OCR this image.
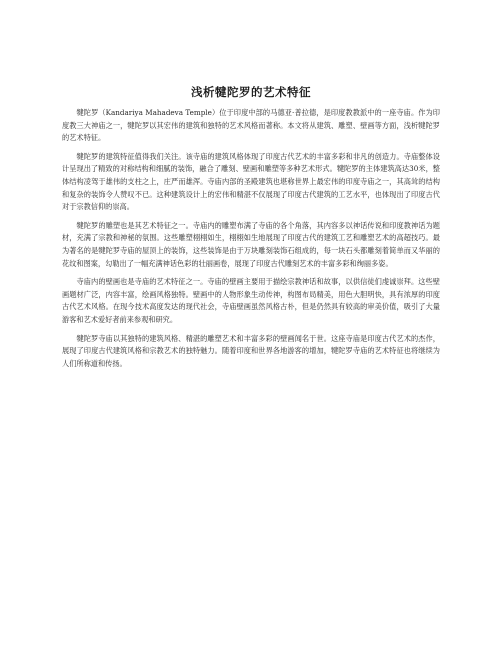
浅析犍陀罗的艺术特征

犍陀罗（Kandariya Mahadeva Temple）位于印度中部的马德亚·普拉德，是印度教教派中的一座寺庙。作为印度教三大神庙之一，犍陀罗以其宏伟的建筑和独特的艺术风格而著称。本文将从建筑、雕塑、壁画等方面，浅析犍陀罗的艺术特征。

犍陀罗的建筑特征值得我们关注。该寺庙的建筑风格体现了印度古代艺术的丰富多彩和非凡的创造力。寺庙整体设计呈现出了精致的对称结构和细腻的装饰，融合了雕刻、壁画和雕塑等多种艺术形式。犍陀罗的主体建筑高达30米，整体结构凌驾于雄伟的支柱之上，庄严而雄浑。寺庙内部的圣殿建筑也堪称世界上最宏伟的印度寺庙之一，其高耸的结构和复杂的装饰令人赞叹不已。这种建筑设计上的宏伟和精湛不仅展现了印度古代建筑的工艺水平，也体现出了印度古代对于宗教信仰的崇高。

犍陀罗的雕塑也是其艺术特征之一。寺庙内的雕塑布满了寺庙的各个角落，其内容多以神话传说和印度教神话为题材，充满了宗教和神秘的氛围。这些雕塑栩栩如生，栩栩如生地展现了印度古代的建筑工艺和雕塑艺术的高超技巧。最为著名的是犍陀罗寺庙的屋顶上的装饰，这些装饰是由于万块雕刻装饰石组成的，每一块石头都雕刻着简单而又华丽的花纹和图案，勾勒出了一幅充满神话色彩的壮丽画卷，展现了印度古代雕刻艺术的丰富多彩和绚丽多姿。

寺庙内的壁画也是寺庙的艺术特征之一。寺庙的壁画主要用于描绘宗教神话和故事，以供信徒们虔诚崇拜。这些壁画题材广泛，内容丰富，绘画风格独特。壁画中的人物形象生动传神，构图布局精美，用色大胆明快，具有浓厚的印度古代艺术风格。在现今技术高度发达的现代社会，寺庙壁画虽然风格古朴，但是仍然具有较高的审美价值，吸引了大量游客和艺术爱好者前来参观和研究。

犍陀罗寺庙以其独特的建筑风格、精湛的雕塑艺术和丰富多彩的壁画闻名于世。这座寺庙是印度古代艺术的杰作，展现了印度古代建筑风格和宗教艺术的独特魅力。随着印度和世界各地游客的增加，犍陀罗寺庙的艺术特征也将继续为人们所称道和传扬。
